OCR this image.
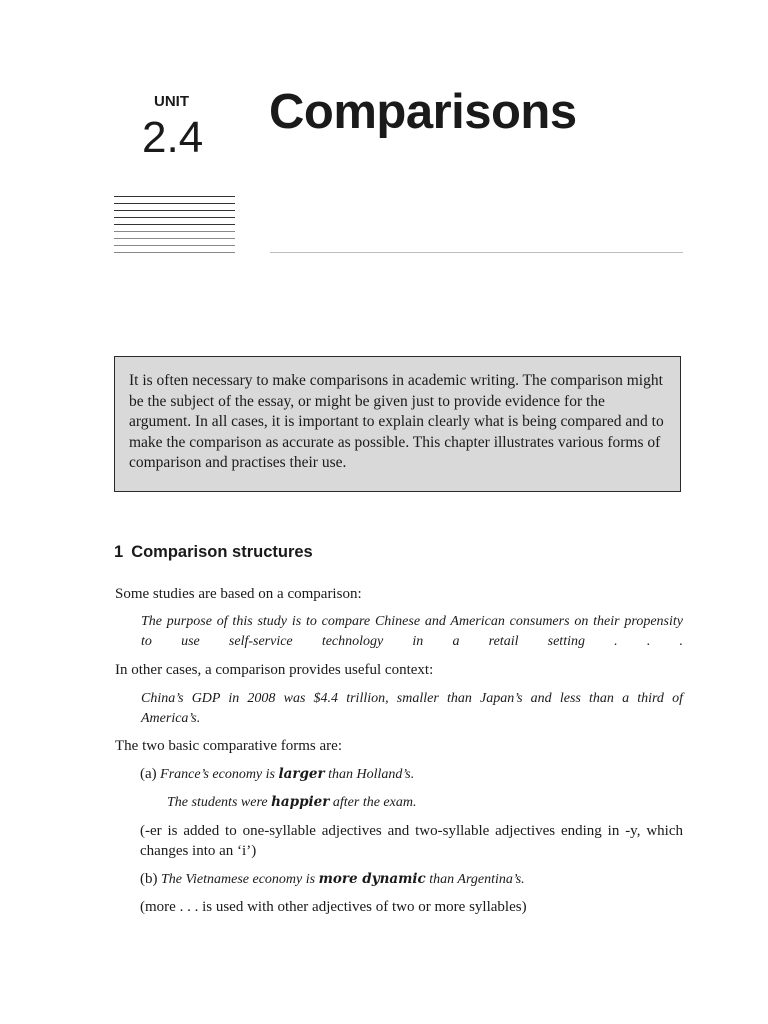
UNIT
2.4 Comparisons
It is often necessary to make comparisons in academic writing. The comparison might be the subject of the essay, or might be given just to provide evidence for the argument. In all cases, it is important to explain clearly what is being compared and to make the comparison as accurate as possible. This chapter illustrates various forms of comparison and practises their use.
1 Comparison structures
Some studies are based on a comparison:
The purpose of this study is to compare Chinese and American consumers on their propensity
to use self-service technology in a retail setting . . .
In other cases, a comparison provides useful context:
China’s GDP in 2008 was $4.4 trillion, smaller than Japan’s and less than a third of
America’s.
The two basic comparative forms are:
(a) France’s economy is larger than Holland’s.
The students were happier after the exam.
(-er is added to one-syllable adjectives and two-syllable adjectives ending in -y, which changes into an ‘i’)
(b) The Vietnamese economy is more dynamic than Argentina’s.
(more . . . is used with other adjectives of two or more syllables)
